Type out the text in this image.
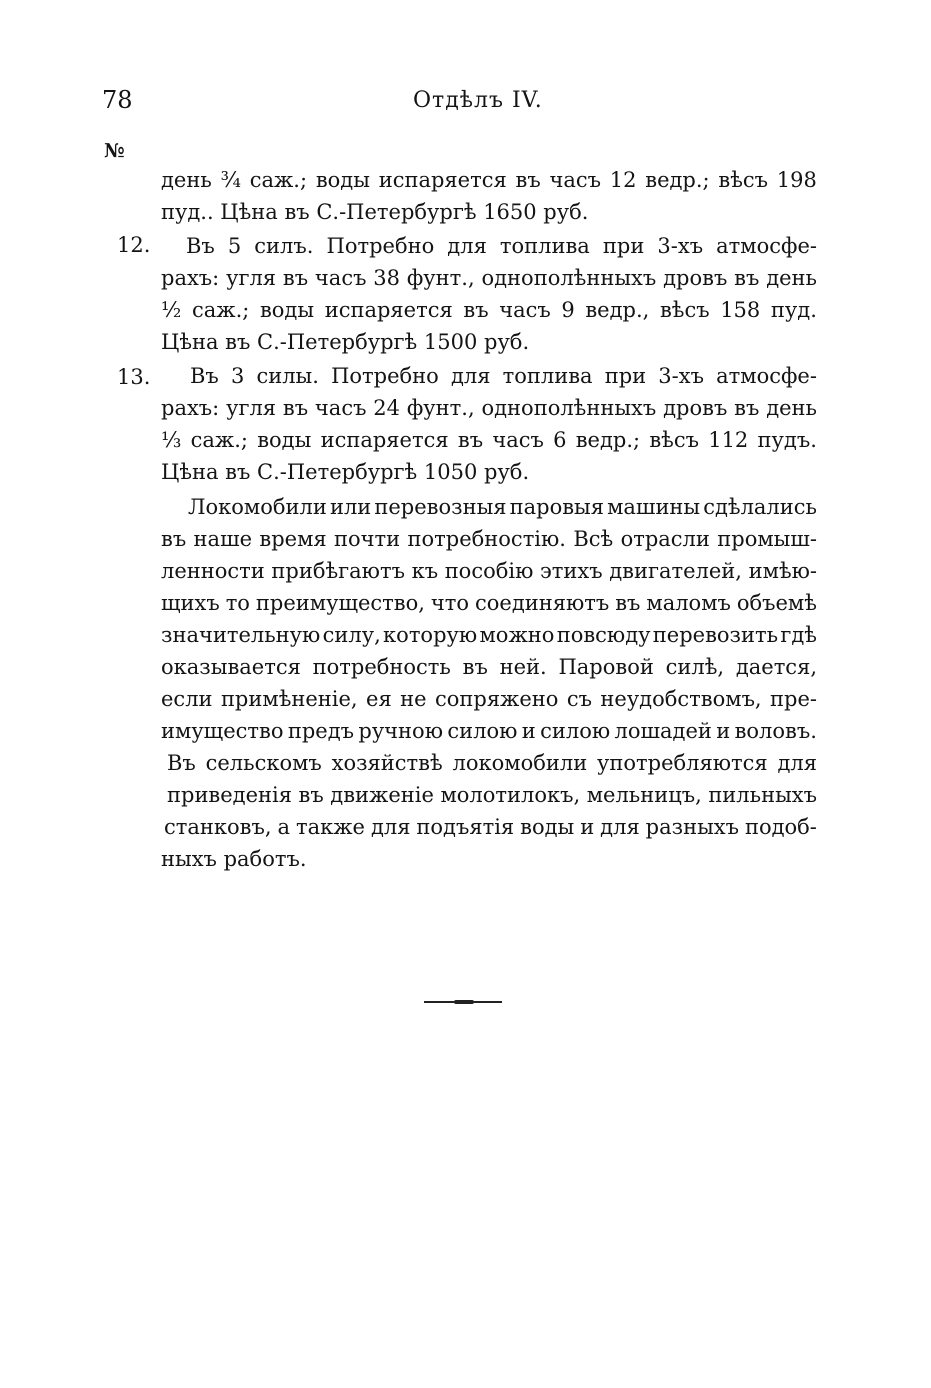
78	Отдѣлъ IV.
№
12.
13.
день ¾ саж.; воды испаряется въ часъ 12 ведр.; вѣсъ 198
пуд.. Цѣна въ С.-Петербургѣ 1650 руб.
Въ 5 силъ. Потребно для топлива при 3-хъ атмосфе-
рахъ: угля въ часъ 38 фунт., однополѣнныхъ дровъ въ день
½ саж.; воды испаряется въ часъ 9 ведр., вѣсъ 158 пуд.
Цѣна въ С.-Петербургѣ 1500 руб.
Въ 3 силы. Потребно для топлива при 3-хъ атмосфе-
рахъ: угля въ часъ 24 фунт., однополѣнныхъ дровъ въ день
⅓ саж.; воды испаряется въ часъ 6 ведр.; вѣсъ 112 пудъ.
Цѣна въ С.-Петербургѣ 1050 руб.
Локомобили или перевозныя паровыя машины сдѣлались
въ наше время почти потребностію. Всѣ отрасли промыш-
ленности прибѣгаютъ къ пособію этихъ двигателей, имѣю-
щихъ то преимущество, что соединяютъ въ маломъ объемѣ
значительную силу, которую можно повсюду перевозить гдѣ
оказывается потребность въ ней. Паровой силѣ, дается,
если примѣненіе, ея не сопряжено съ неудобствомъ, пре-
имущество предъ ручною силою и силою лошадей и воловъ.
Въ сельскомъ хозяйствѣ локомобили употребляются для
приведенія въ движеніе молотилокъ, мельницъ, пильныхъ
станковъ, а также для подъятія воды и для разныхъ подоб-
ныхъ работъ.
